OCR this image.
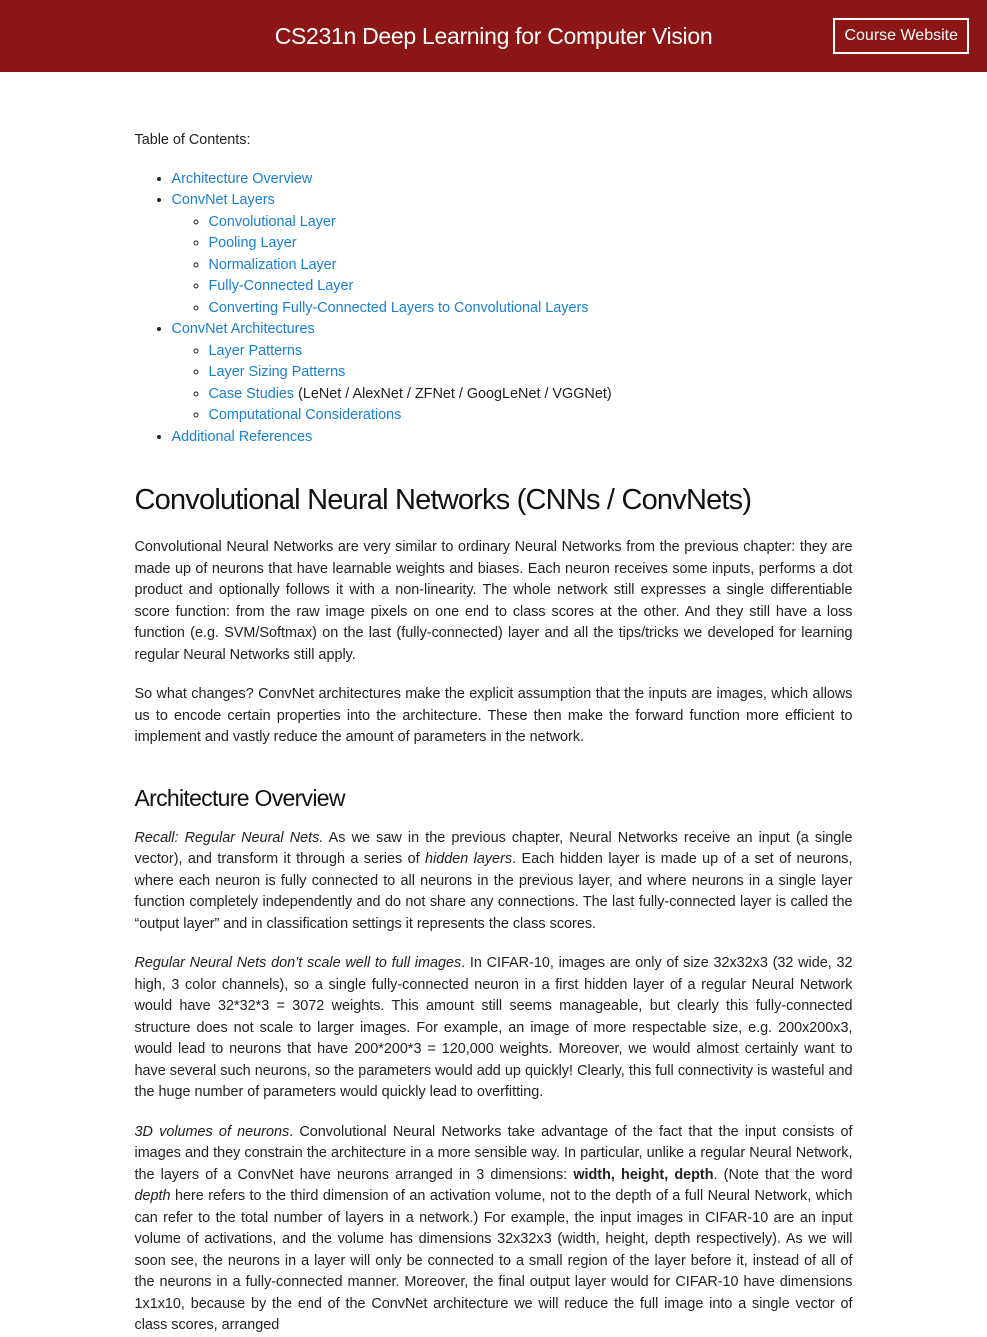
CS231n Deep Learning for Computer Vision	Course Website

Table of Contents:

• Architecture Overview
• ConvNet Layers
◦ Convolutional Layer
◦ Pooling Layer
◦ Normalization Layer
◦ Fully-Connected Layer
◦ Converting Fully-Connected Layers to Convolutional Layers
• ConvNet Architectures
◦ Layer Patterns
◦ Layer Sizing Patterns
◦ Case Studies (LeNet / AlexNet / ZFNet / GoogLeNet / VGGNet)
◦ Computational Considerations
• Additional References
Convolutional Neural Networks (CNNs / ConvNets)

Convolutional Neural Networks are very similar to ordinary Neural Networks from the previous chapter: they are made up of neurons that have learnable weights and biases. Each neuron receives some inputs, performs a dot product and optionally follows it with a non-linearity. The whole network still expresses a single differentiable score function: from the raw image pixels on one end to class scores at the other. And they still have a loss function (e.g. SVM/Softmax) on the last (fully-connected) layer and all the tips/tricks we developed for learning regular Neural Networks still apply.

So what changes? ConvNet architectures make the explicit assumption that the inputs are images, which allows us to encode certain properties into the architecture. These then make the forward function more efficient to implement and vastly reduce the amount of parameters in the network.

Architecture Overview

Recall: Regular Neural Nets. As we saw in the previous chapter, Neural Networks receive an input (a single vector), and transform it through a series of hidden layers. Each hidden layer is made up of a set of neurons, where each neuron is fully connected to all neurons in the previous layer, and where neurons in a single layer function completely independently and do not share any connections. The last fully-connected layer is called the “output layer” and in classification settings it represents the class scores.

Regular Neural Nets don’t scale well to full images. In CIFAR-10, images are only of size 32x32x3 (32 wide, 32 high, 3 color channels), so a single fully-connected neuron in a first hidden layer of a regular Neural Network would have 32*32*3 = 3072 weights. This amount still seems manageable, but clearly this fully-connected structure does not scale to larger images. For example, an image of more respectable size, e.g. 200x200x3, would lead to neurons that have 200*200*3 = 120,000 weights. Moreover, we would almost certainly want to have several such neurons, so the parameters would add up quickly! Clearly, this full connectivity is wasteful and the huge number of parameters would quickly lead to overfitting.

3D volumes of neurons. Convolutional Neural Networks take advantage of the fact that the input consists of images and they constrain the architecture in a more sensible way. In particular, unlike a regular Neural Network, the layers of a ConvNet have neurons arranged in 3 dimensions: width, height, depth. (Note that the word depth here refers to the third dimension of an activation volume, not to the depth of a full Neural Network, which can refer to the total number of layers in a network.) For example, the input images in CIFAR-10 are an input volume of activations, and the volume has dimensions 32x32x3 (width, height, depth respectively). As we will soon see, the neurons in a layer will only be connected to a small region of the layer before it, instead of all of the neurons in a fully-connected manner. Moreover, the final output layer would for CIFAR-10 have dimensions 1x1x10, because by the end of the ConvNet architecture we will reduce the full image into a single vector of class scores, arranged
